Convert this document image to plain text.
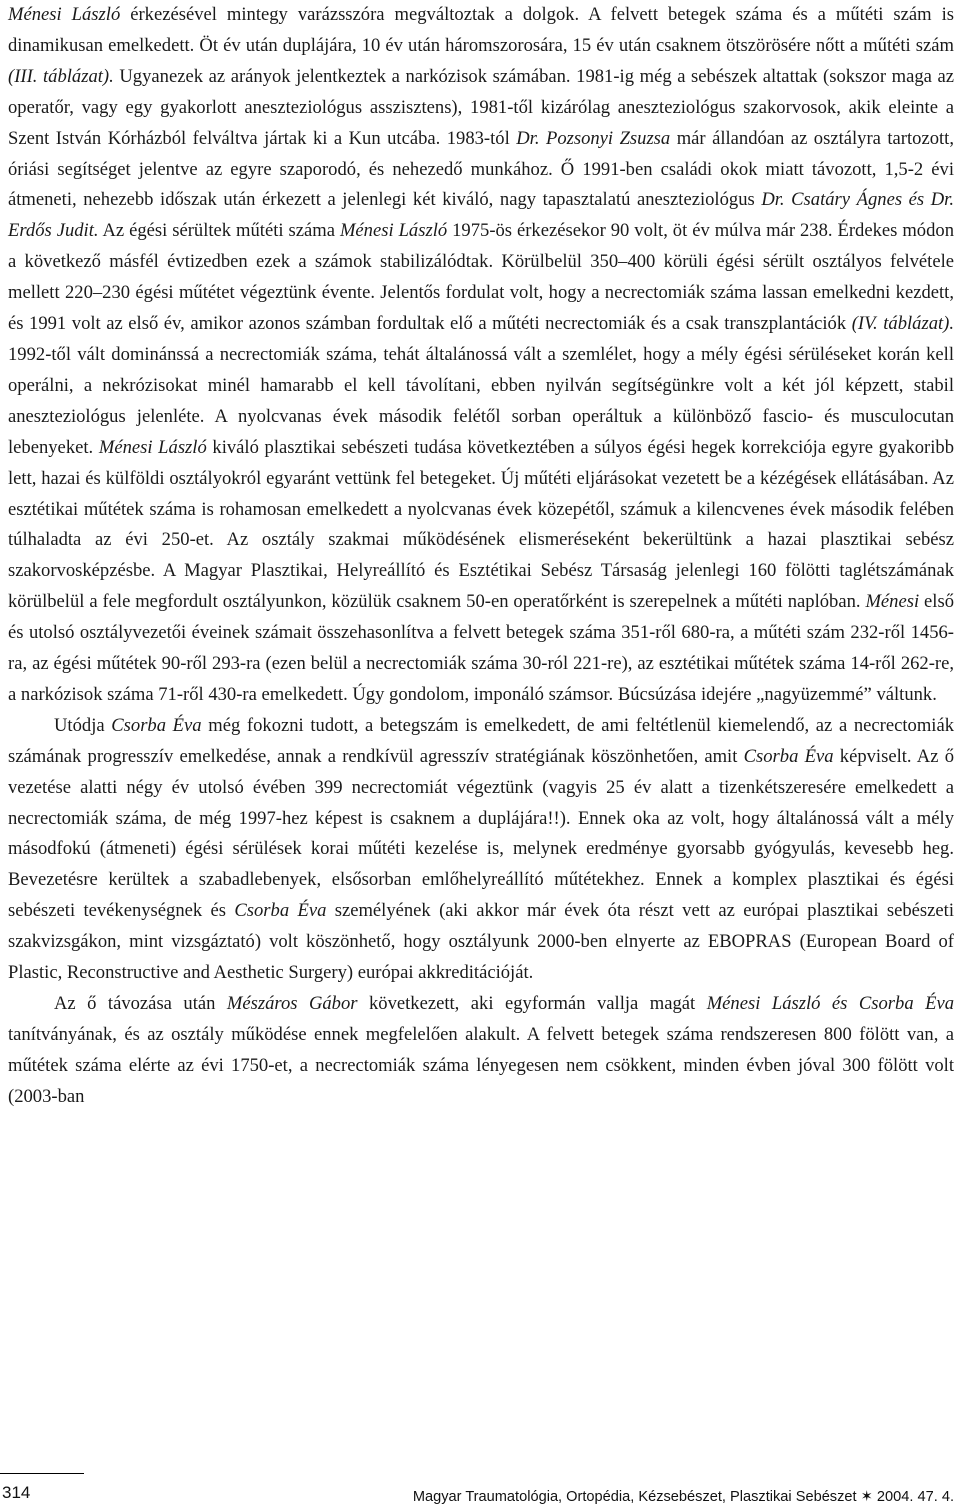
Ménesi László érkezésével mintegy varázsszóra megváltoztak a dolgok. A felvett betegek száma és a műtéti szám is dinamikusan emelkedett. Öt év után duplájára, 10 év után háromszorosára, 15 év után csaknem ötszörösére nőtt a műtéti szám (III. táblázat). Ugyanezek az arányok jelentkeztek a narkózisok számában. 1981-ig még a sebészek altattak (sokszor maga az operatőr, vagy egy gyakorlott aneszteziológus asszisztens), 1981-től kizárólag aneszteziológus szakorvosok, akik eleinte a Szent István Kórházból felváltva jártak ki a Kun utcába. 1983-tól Dr. Pozsonyi Zsuzsa már állandóan az osztályra tartozott, óriási segítséget jelentve az egyre szaporodó, és nehezedő munkához. Ő 1991-ben családi okok miatt távozott, 1,5-2 évi átmeneti, nehezebb időszak után érkezett a jelenlegi két kiváló, nagy tapasztalatú aneszteziológus Dr. Csatáry Ágnes és Dr. Erdős Judit. Az égési sérültek műtéti száma Ménesi László 1975-ös érkezésekor 90 volt, öt év múlva már 238. Érdekes módon a következő másfél évtizedben ezek a számok stabilizálódtak. Körülbelül 350–400 körüli égési sérült osztályos felvétele mellett 220–230 égési műtétet végeztünk évente. Jelentős fordulat volt, hogy a necrectomiák száma lassan emelkedni kezdett, és 1991 volt az első év, amikor azonos számban fordultak elő a műtéti necrectomiák és a csak transzplantációk (IV. táblázat). 1992-től vált dominánssá a necrectomiák száma, tehát általánossá vált a szemlélet, hogy a mély égési sérüléseket korán kell operálni, a nekrózisokat minél hamarabb el kell távolítani, ebben nyilván segítségünkre volt a két jól képzett, stabil aneszteziológus jelenléte. A nyolcvanas évek második felétől sorban operáltuk a különböző fascio- és musculocutan lebenyeket. Ménesi László kiváló plasztikai sebészeti tudása következtében a súlyos égési hegek korrekciója egyre gyakoribb lett, hazai és külföldi osztályokról egyaránt vettünk fel betegeket. Új műtéti eljárásokat vezetett be a kézégések ellátásában. Az esztétikai műtétek száma is rohamosan emelkedett a nyolcvanas évek közepétől, számuk a kilencvenes évek második felében túlhaladta az évi 250-et. Az osztály szakmai működésének elismeréseként bekerültünk a hazai plasztikai sebész szakorvosképzésbe. A Magyar Plasztikai, Helyreállító és Esztétikai Sebész Társaság jelenlegi 160 fölötti taglétszámának körülbelül a fele megfordult osztályunkon, közülük csaknem 50-en operatőrként is szerepelnek a műtéti naplóban. Ménesi első és utolsó osztályvezetői éveinek számait összehasonlítva a felvett betegek száma 351-ről 680-ra, a műtéti szám 232-ről 1456-ra, az égési műtétek 90-ről 293-ra (ezen belül a necrectomiák száma 30-ról 221-re), az esztétikai műtétek száma 14-ről 262-re, a narkózisok száma 71-ről 430-ra emelkedett. Úgy gondolom, imponáló számsor. Búcsúzása idejére „nagyüzemmé” váltunk.

Utódja Csorba Éva még fokozni tudott, a betegszám is emelkedett, de ami feltétlenül kiemelendő, az a necrectomiák számának progresszív emelkedése, annak a rendkívül agresszív stratégiának köszönhetően, amit Csorba Éva képviselt. Az ő vezetése alatti négy év utolsó évében 399 necrectomiát végeztünk (vagyis 25 év alatt a tizenkétszeresére emelkedett a necrectomiák száma, de még 1997-hez képest is csaknem a duplájára!!). Ennek oka az volt, hogy általánossá vált a mély másodfokú (átmeneti) égési sérülések korai műtéti kezelése is, melynek eredménye gyorsabb gyógyulás, kevesebb heg. Bevezetésre kerültek a szabadlebenyek, elsősorban emlőhelyreállító műtétekhez. Ennek a komplex plasztikai és égési sebészeti tevékenységnek és Csorba Éva személyének (aki akkor már évek óta részt vett az európai plasztikai sebészeti szakvizsgákon, mint vizsgáztató) volt köszönhető, hogy osztályunk 2000-ben elnyerte az EBOPRAS (European Board of Plastic, Reconstructive and Aesthetic Surgery) európai akkreditációját.

Az ő távozása után Mészáros Gábor következett, aki egyformán vallja magát Ménesi László és Csorba Éva tanítványának, és az osztály működése ennek megfelelően alakult. A felvett betegek száma rendszeresen 800 fölött van, a műtétek száma elérte az évi 1750-et, a necrectomiák száma lényegesen nem csökkent, minden évben jóval 300 fölött volt (2003-ban

314	Magyar Traumatológia, Ortopédia, Kézsebészet, Plasztikai Sebészet ✶ 2004. 47. 4.
